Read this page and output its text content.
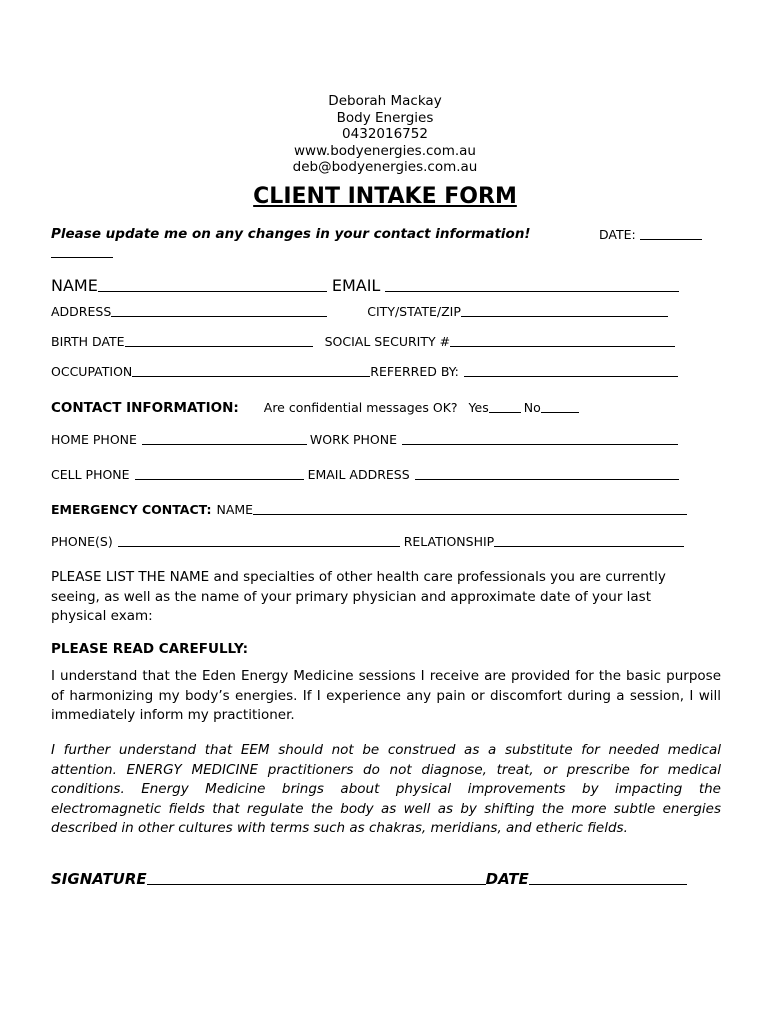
Deborah Mackay
Body Energies
0432016752
www.bodyenergies.com.au
deb@bodyenergies.com.au
CLIENT INTAKE FORM
Please update me on any changes in your contact information!	DATE:
NAME	EMAIL
ADDRESS	CITY/STATE/ZIP
BIRTH DATE	SOCIAL SECURITY #
OCCUPATION	REFERRED BY:
CONTACT INFORMATION: Are confidential messages OK? Yes	No
HOME PHONE	WORK PHONE
CELL PHONE	EMAIL ADDRESS
EMERGENCY CONTACT: NAME
PHONE(S)	RELATIONSHIP
PLEASE LIST THE NAME and specialties of other health care professionals you are currently seeing, as well as the name of your primary physician and approximate date of your last physical exam:
PLEASE READ CAREFULLY:
I understand that the Eden Energy Medicine sessions I receive are provided for the basic purpose of harmonizing my body’s energies. If I experience any pain or discomfort during a session, I will immediately inform my practitioner.
I further understand that EEM should not be construed as a substitute for needed medical attention. ENERGY MEDICINE practitioners do not diagnose, treat, or prescribe for medical conditions. Energy Medicine brings about physical improvements by impacting the electromagnetic fields that regulate the body as well as by shifting the more subtle energies described in other cultures with terms such as chakras, meridians, and etheric fields.
SIGNATURE	DATE
